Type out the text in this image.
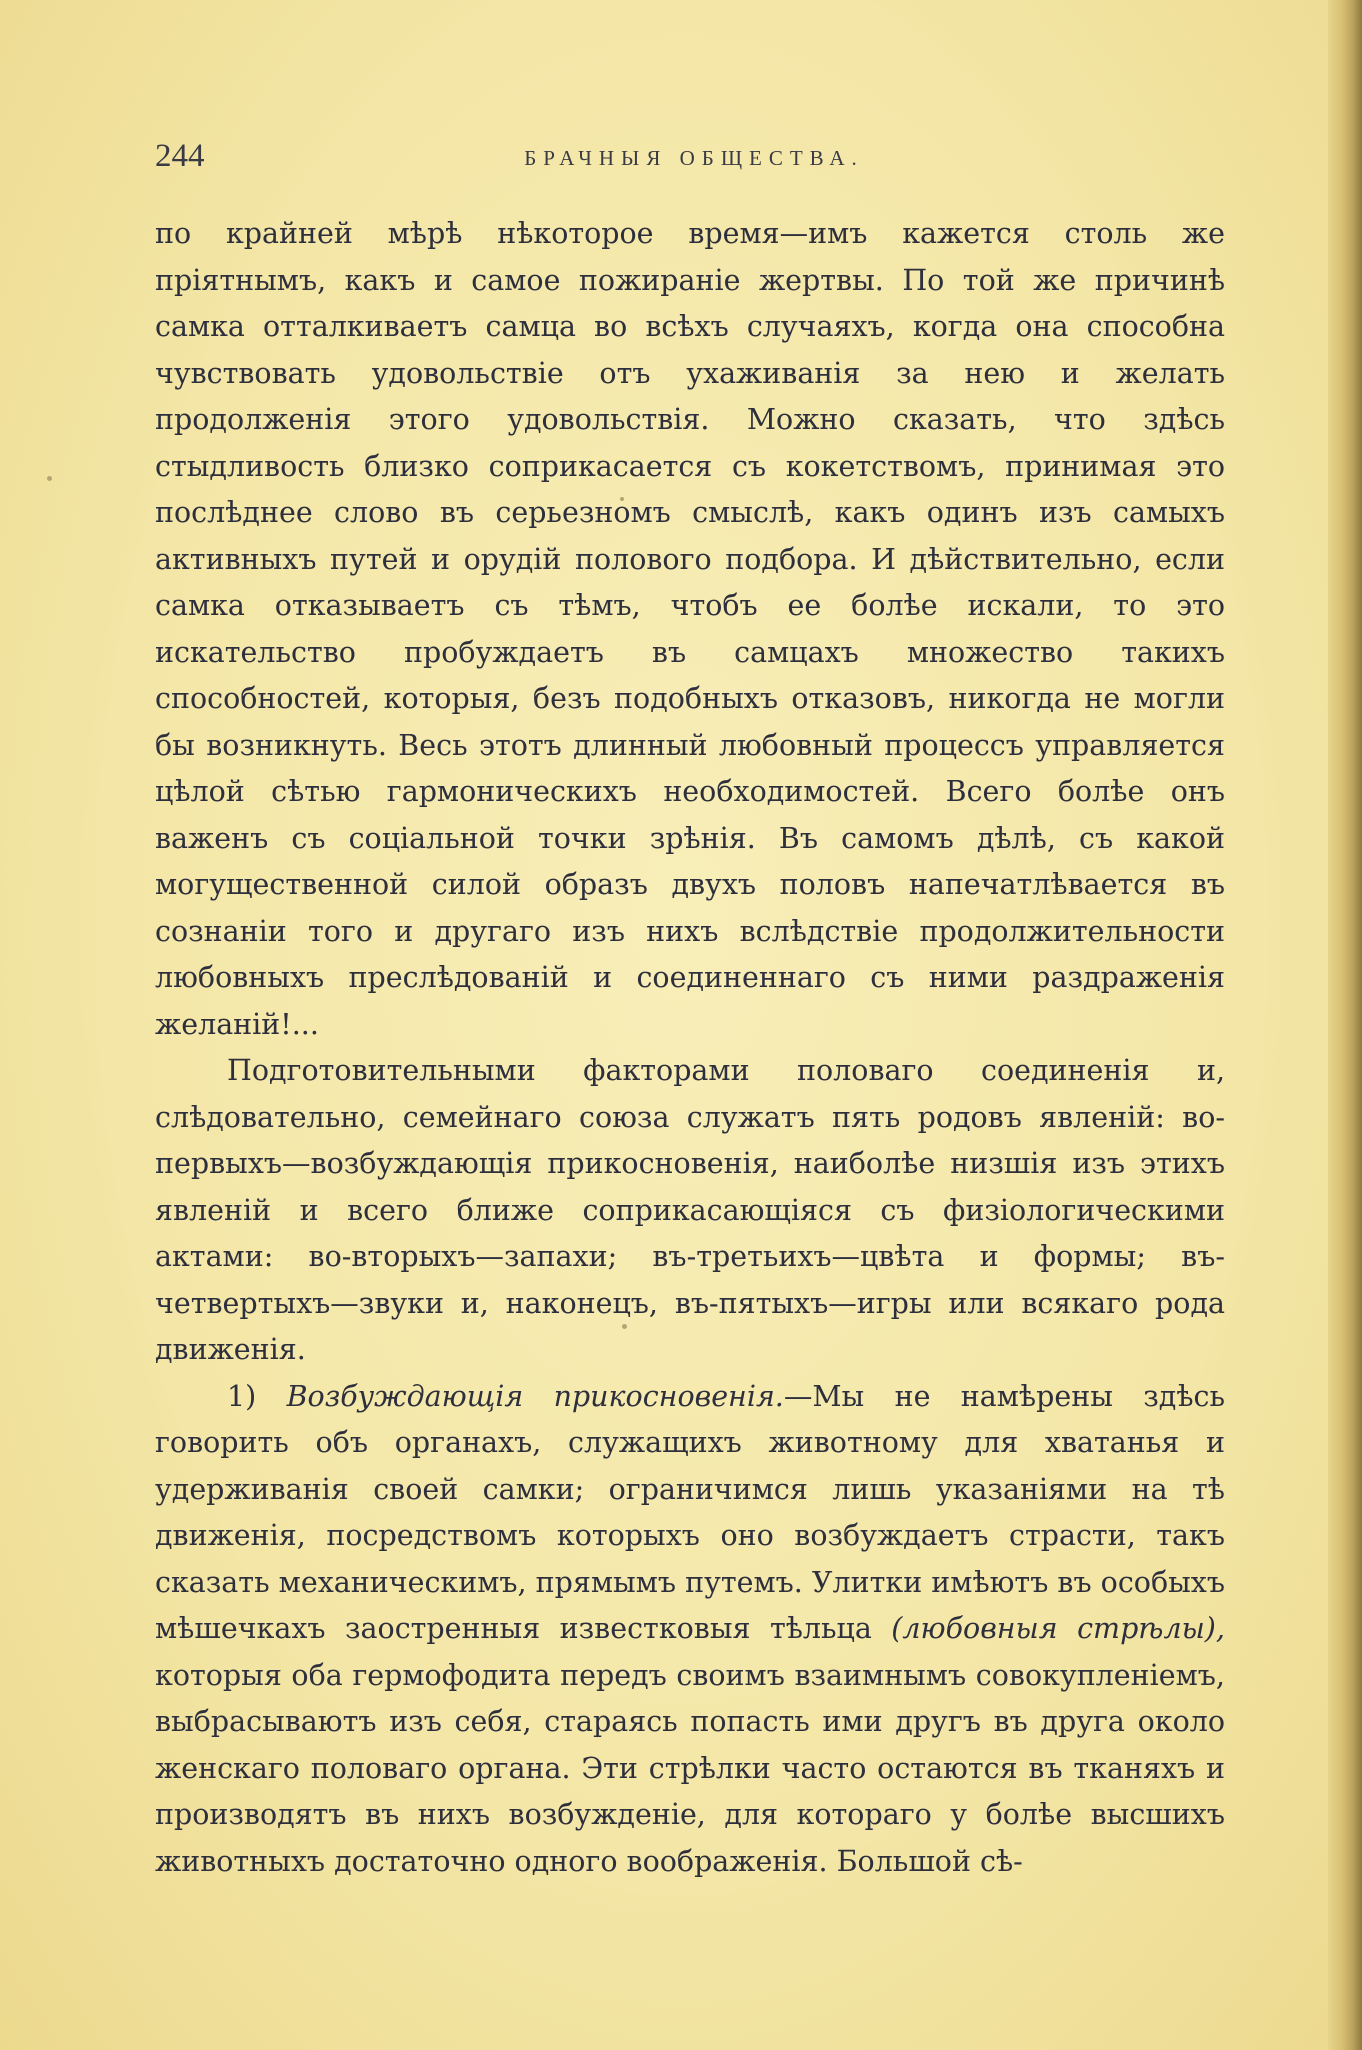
244	БРАЧНЫЯ ОБЩЕСТВА.

по крайней мѣрѣ нѣкоторое время—имъ кажется столь же пріятнымъ, какъ и самое пожираніе жертвы. По той же причинѣ самка отталкиваетъ самца во всѣхъ случаяхъ, когда она способна чувствовать удовольствіе отъ ухаживанія за нею и желать продолженія этого удовольствія. Можно сказать, что здѣсь стыдливость близко соприкасается съ кокетствомъ, принимая это послѣднее слово въ серьезномъ смыслѣ, какъ одинъ изъ самыхъ активныхъ путей и орудій полового подбора. И дѣйствительно, если самка отказываетъ съ тѣмъ, чтобъ ее болѣе искали, то это искательство пробуждаетъ въ самцахъ множество такихъ способностей, которыя, безъ подобныхъ отказовъ, никогда не могли бы возникнуть. Весь этотъ длинный любовный процессъ управляется цѣлой сѣтью гармоническихъ необходимостей. Всего болѣе онъ важенъ съ соціальной точки зрѣнія. Въ самомъ дѣлѣ, съ какой могущественной силой образъ двухъ половъ напечатлѣвается въ сознаніи того и другаго изъ нихъ вслѣдствіе продолжительности любовныхъ преслѣдованій и соединеннаго съ ними раздраженія желаній!...

Подготовительными факторами половаго соединенія и, слѣдовательно, семейнаго союза служатъ пять родовъ явленій: во-первыхъ—возбуждающія прикосновенія, наиболѣе низшія изъ этихъ явленій и всего ближе соприкасающіяся съ физіологическими актами: во-вторыхъ—запахи; въ-третьихъ—цвѣта и формы; въ-четвертыхъ—звуки и, наконецъ, въ-пятыхъ—игры или всякаго рода движенія.

1) Возбуждающія прикосновенія.—Мы не намѣрены здѣсь говорить объ органахъ, служащихъ животному для хватанья и удерживанія своей самки; ограничимся лишь указаніями на тѣ движенія, посредствомъ которыхъ оно возбуждаетъ страсти, такъ сказать механическимъ, прямымъ путемъ. Улитки имѣютъ въ особыхъ мѣшечкахъ заостренныя известковыя тѣльца (любовныя стрѣлы), которыя оба гермофодита передъ своимъ взаимнымъ совокупленіемъ, выбрасываютъ изъ себя, стараясь попасть ими другъ въ друга около женскаго половаго органа. Эти стрѣлки часто остаются въ тканяхъ и производятъ въ нихъ возбужденіе, для котораго у болѣе высшихъ животныхъ достаточно одного воображенія. Большой сѣ-
